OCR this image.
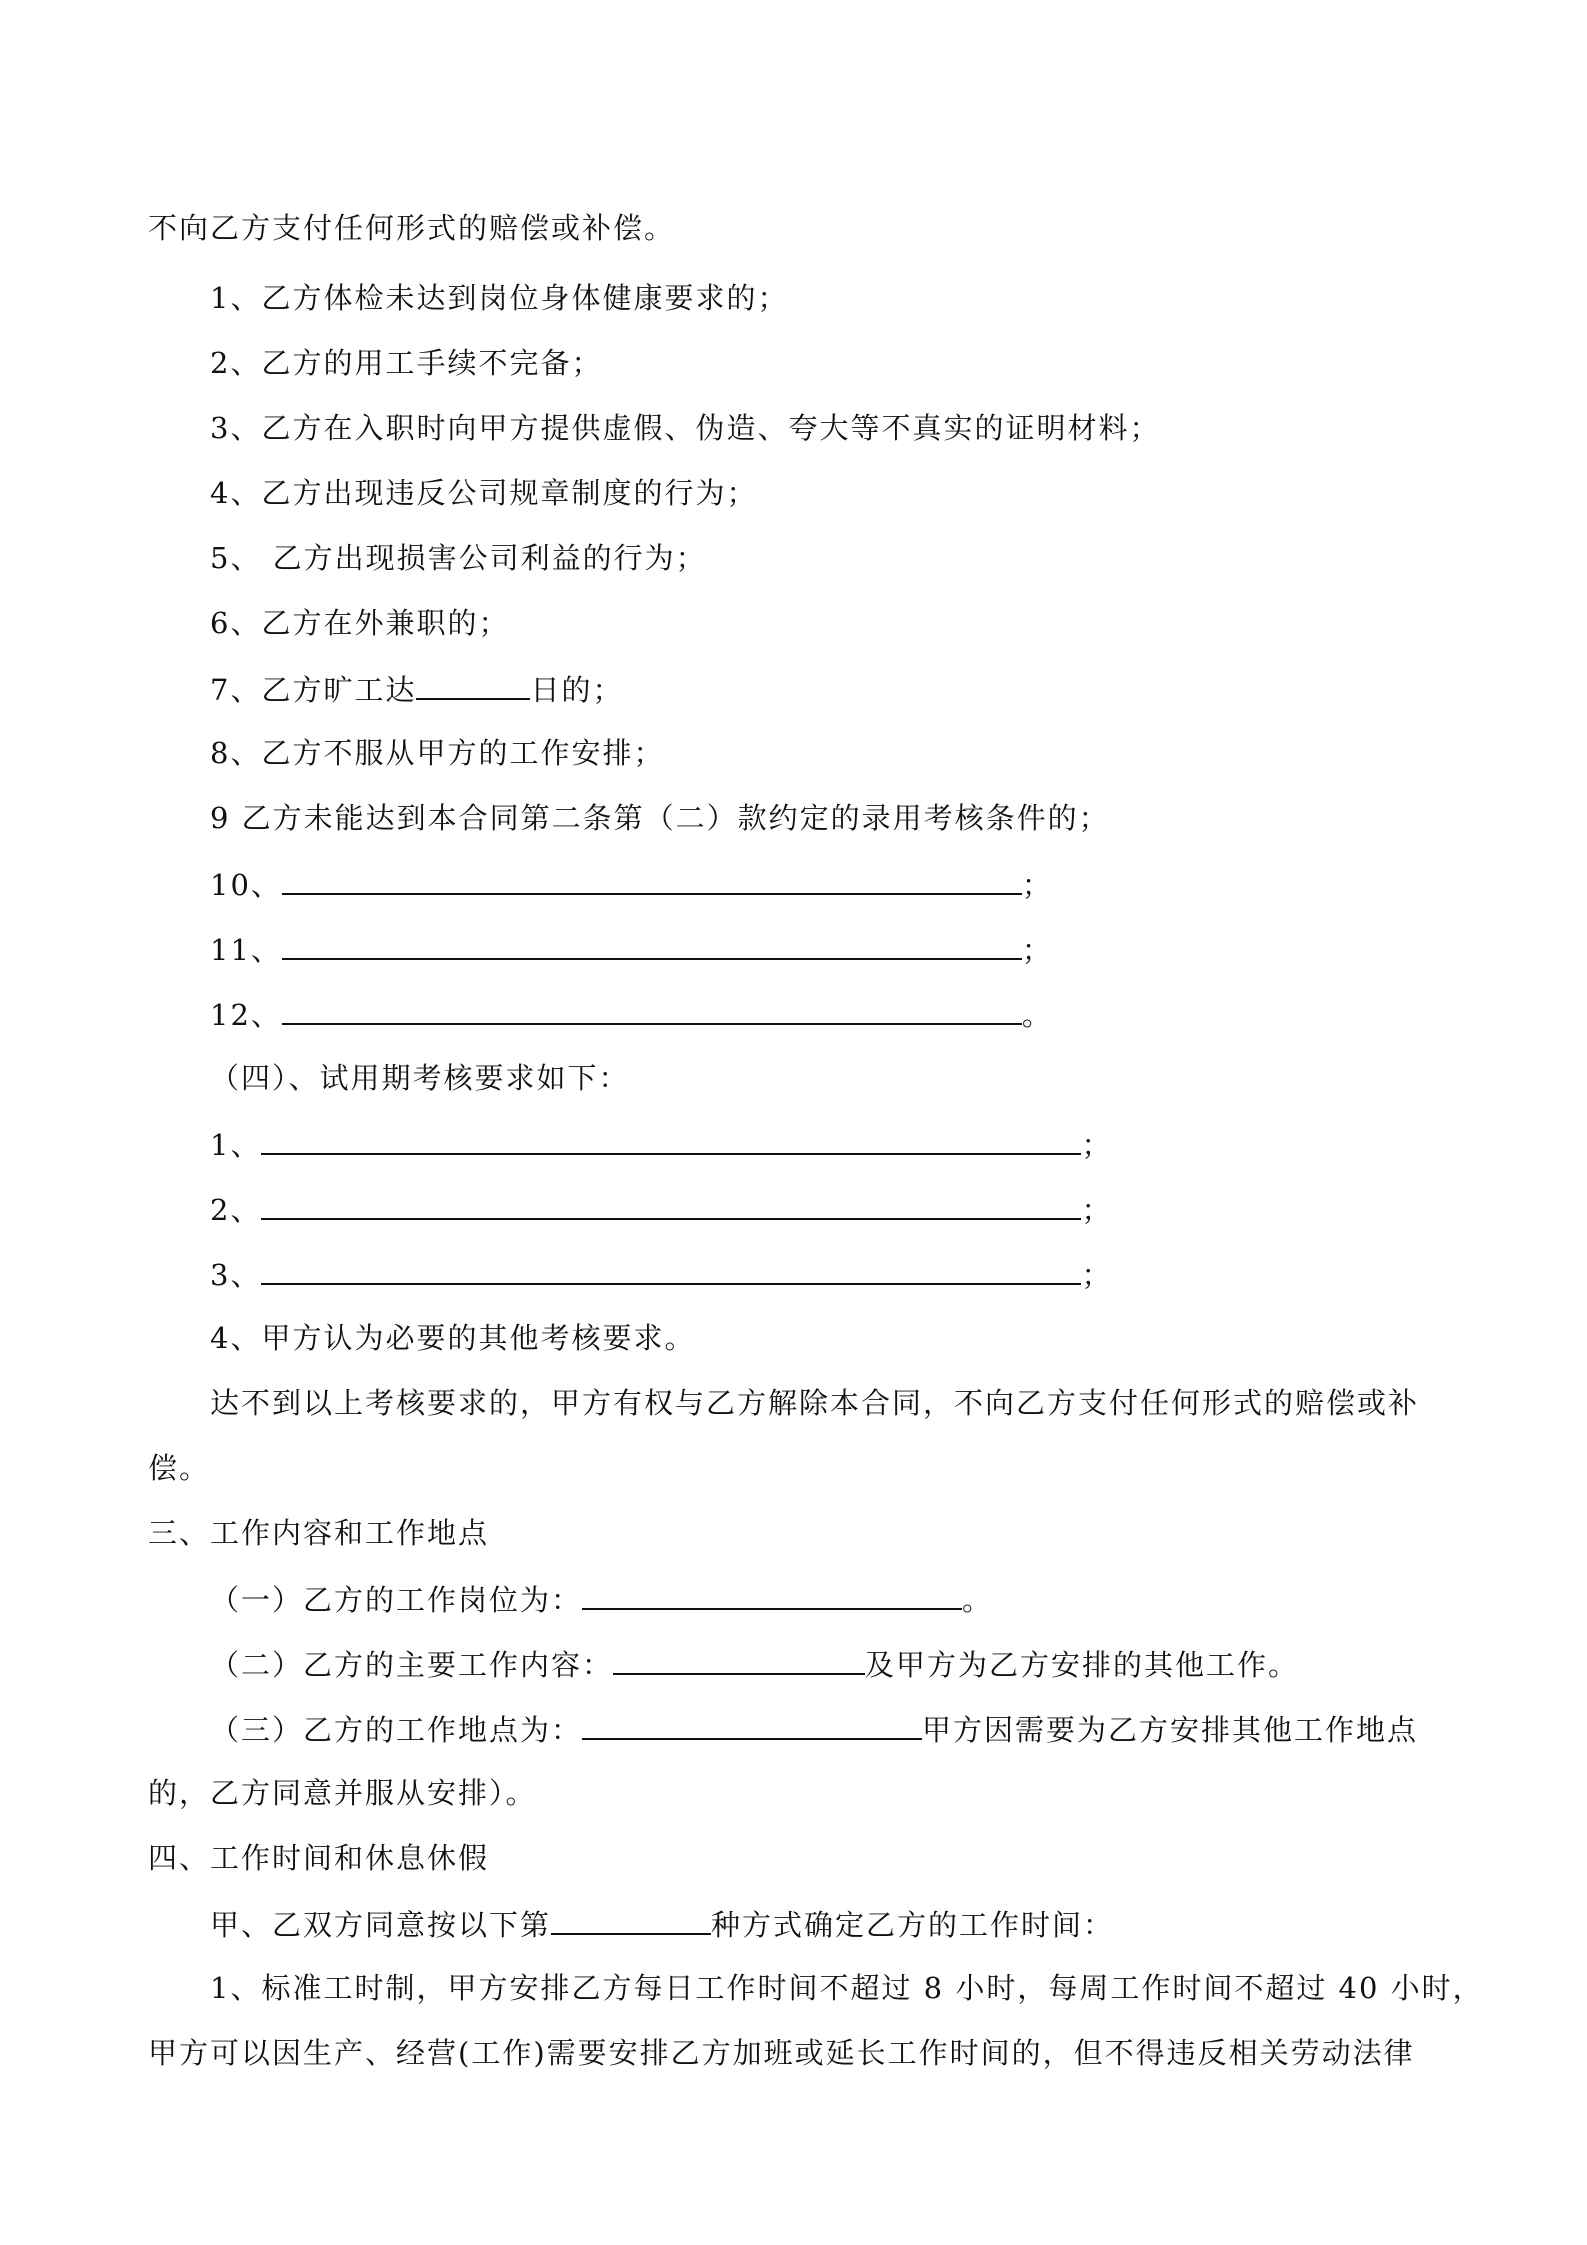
不向乙方支付任何形式的赔偿或补偿。
1、乙方体检未达到岗位身体健康要求的；
2、乙方的用工手续不完备；
3、乙方在入职时向甲方提供虚假、伪造、夸大等不真实的证明材料；
4、乙方出现违反公司规章制度的行为；
5、 乙方出现损害公司利益的行为；
6、乙方在外兼职的；
7、乙方旷工达	日的；
8、乙方不服从甲方的工作安排；
9 乙方未能达到本合同第二条第（二）款约定的录用考核条件的；
10、	；
11、	；
12、	。
（四）、试用期考核要求如下：
1、	；
2、	；
3、	；
4、甲方认为必要的其他考核要求。
达不到以上考核要求的，甲方有权与乙方解除本合同，不向乙方支付任何形式的赔偿或补
偿。
三、工作内容和工作地点
（一）乙方的工作岗位为：	。
（二）乙方的主要工作内容：	及甲方为乙方安排的其他工作。
（三）乙方的工作地点为：	甲方因需要为乙方安排其他工作地点
的，乙方同意并服从安排）。
四、工作时间和休息休假
甲、乙双方同意按以下第	种方式确定乙方的工作时间：
1、标准工时制，甲方安排乙方每日工作时间不超过 8 小时，每周工作时间不超过 40 小时，
甲方可以因生产、经营(工作)需要安排乙方加班或延长工作时间的，但不得违反相关劳动法律
